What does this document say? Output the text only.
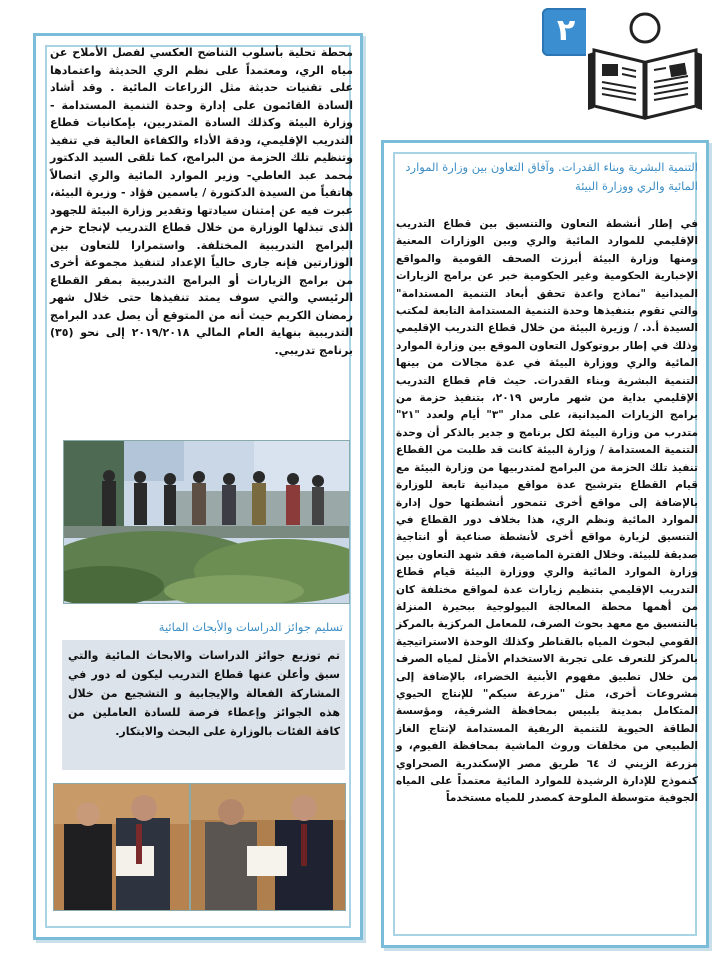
٢
محطة تحلية بأسلوب التناضح العكسي لفصل الأملاح عن مياه الري، ومعتمداً على نظم الري الحديثة واعتمادها على تقنيات حديثة مثل الزراعات المائية . وقد أشاد السادة القائمون على إدارة وحدة التنمية المستدامة - وزارة البيئة وكذلك السادة المتدربين، بإمكانيات قطاع التدريب الإقليمي، ودقة الأداء والكفاءة العالية في تنفيذ وتنظيم تلك الحزمة من البرامج، كما تلقى السيد الدكتور محمد عبد العاطي- وزير الموارد المائية والري اتصالاً هاتفياً من السيدة الدكتورة / ياسمين فؤاد - وزيرة البيئة، عبرت فيه عن إمتنان سيادتها وتقدير وزارة البيئة للجهود الذى تبذلها الوزارة من خلال قطاع التدريب لإنجاح حزم البرامج التدريبية المختلفة. واستمرارا للتعاون بين الوزارتين فإنه جارى حالياً الإعداد لتنفيذ مجموعة أخرى من برامج الزيارات أو البرامج التدريبية بمقر القطاع الرئيسي والتي سوف يمتد تنفيذها حتى خلال شهر رمضان الكريم حيث أنه من المتوقع أن يصل عدد البرامج التدريبية بنهاية العام المالي ٢٠١٩/٢٠١٨ إلى نحو (٣٥) برنامج تدريبي.
تسليم جوائز الدراسات والأبحاث المائية
تم توزيع جوائز الدراسات والابحاث المائية والتي سبق وأعلن عنها قطاع التدريب ليكون له دور في المشاركة الفعالة والإيجابية و التشجيع من خلال هذه الجوائز وإعطاء فرصة للسادة العاملين من كافة الفئات بالوزارة على البحث والابتكار.
التنمية البشرية وبناء القدرات. وآفاق التعاون بين وزارة الموارد المائية والري ووزارة البيئة
في إطار أنشطة التعاون والتنسيق بين قطاع التدريب الإقليمي للموارد المائية والري وبين الوزارات المعنية ومنها وزارة البيئة أبرزت الصحف القومية والمواقع الإخبارية الحكومية وغير الحكومية خبر عن برامج الزيارات الميدانية "نماذج واعدة تحقق أبعاد التنمية المستدامة" والتي تقوم بتنفيذها وحدة التنمية المستدامة التابعة لمكتب السيدة أ.د. / وزيرة البيئة من خلال قطاع التدريب الإقليمي وذلك في إطار بروتوكول التعاون الموقع بين وزارة الموارد المائية والري ووزارة البيئة في عدة مجالات من بينها التنمية البشرية وبناء القدرات. حيث قام قطاع التدريب الإقليمي بداية من شهر مارس ٢٠١٩، بتنفيذ حزمة من برامج الزيارات الميدانية، على مدار "٣" أيام ولعدد "٢١" متدرب من وزارة البيئة لكل برنامج و جدير بالذكر أن وحدة التنمية المستدامة / وزارة البيئة كانت قد طلبت من القطاع تنفيذ تلك الحزمة من البرامج لمتدربيها من وزارة البيئة مع قيام القطاع بترشيح عدة مواقع ميدانية تابعة للوزارة بالإضافة إلى مواقع أخرى تتمحور أنشطتها حول إدارة الموارد المائية ونظم الري، هذا بخلاف دور القطاع في التنسيق لزيارة مواقع أخرى لأنشطة صناعية أو انتاجية صديقة للبيئة. وخلال الفترة الماضية، فقد شهد التعاون بين وزارة الموارد المائية والري ووزارة البيئة قيام قطاع التدريب الإقليمي بتنظيم زيارات عدة لمواقع مختلفة كان من أهمها محطة المعالجة البيولوجية ببحيرة المنزلة بالتنسيق مع معهد بحوث الصرف، للمعامل المركزية بالمركز القومي لبحوث المياه بالقناطر وكذلك الوحدة الاستراتيجية بالمركز للتعرف على تجربة الاستخدام الأمثل لمياه الصرف من خلال تطبيق مفهوم الأبنية الخضراء، بالإضافة إلى مشروعات أخرى، مثل "مزرعة سيكم" للإنتاج الحيوي المتكامل بمدينة بلبيس بمحافظة الشرقية، ومؤسسة الطاقة الحيوية للتنمية الريفية المستدامة لإنتاج الغاز الطبيعي من مخلفات وروث الماشية بمحافظة الفيوم، و مزرعة الزيني ك ٦٤ طريق مصر الإسكندرية الصحراوي كنموذج للإدارة الرشيدة للموارد المائية معتمداً على المياه الجوفية متوسطة الملوحة كمصدر للمياه مستخدماً
